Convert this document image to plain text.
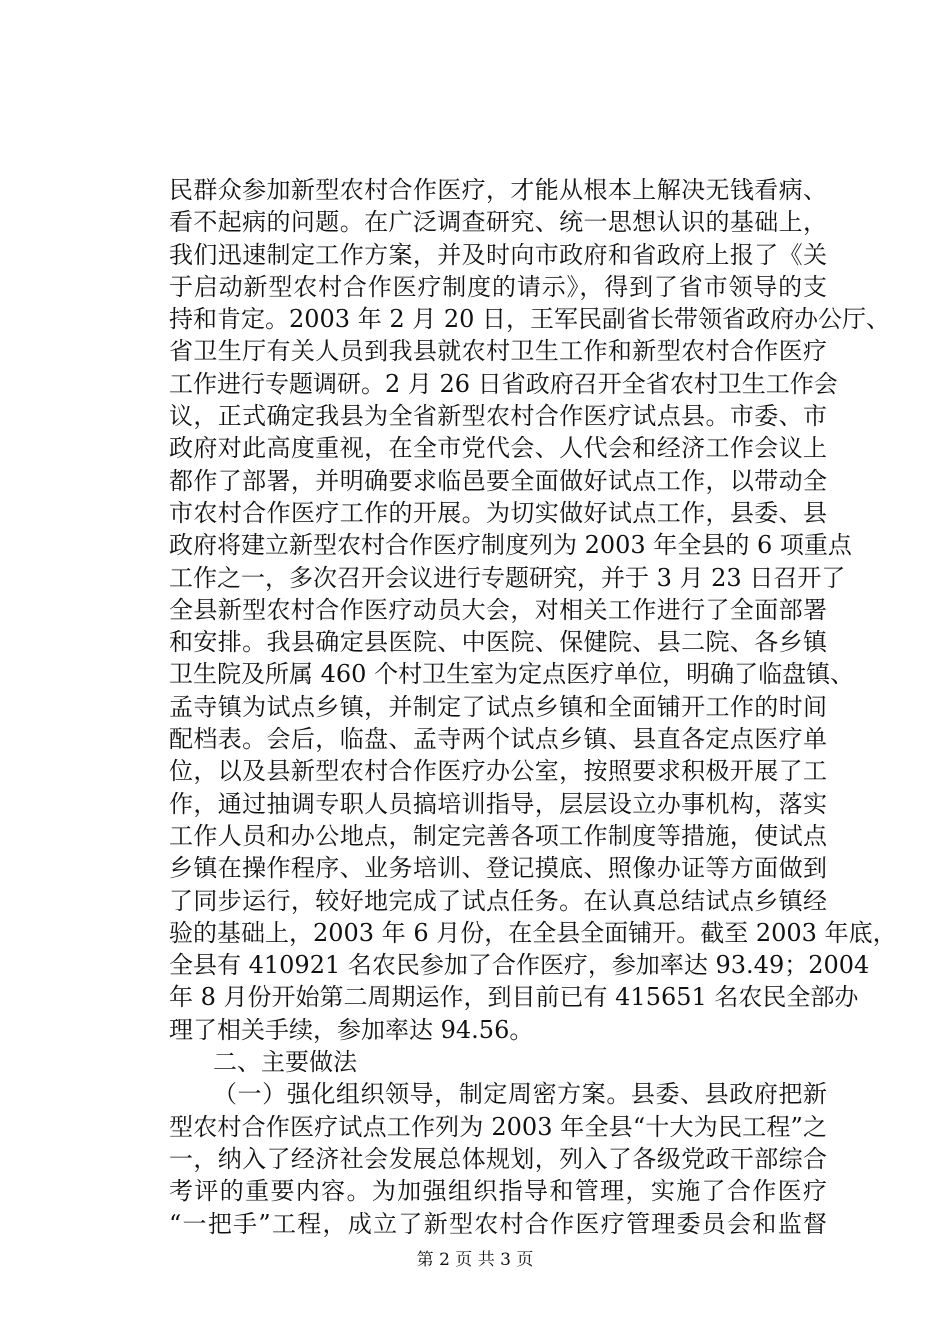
民群众参加新型农村合作医疗，才能从根本上解决无钱看病、
看不起病的问题。在广泛调查研究、统一思想认识的基础上，
我们迅速制定工作方案，并及时向市政府和省政府上报了《关
于启动新型农村合作医疗制度的请示》，得到了省市领导的支
持和肯定。2003 年 2 月 20 日，王军民副省长带领省政府办公厅、
省卫生厅有关人员到我县就农村卫生工作和新型农村合作医疗
工作进行专题调研。2 月 26 日省政府召开全省农村卫生工作会
议，正式确定我县为全省新型农村合作医疗试点县。市委、市
政府对此高度重视，在全市党代会、人代会和经济工作会议上
都作了部署，并明确要求临邑要全面做好试点工作，以带动全
市农村合作医疗工作的开展。为切实做好试点工作，县委、县
政府将建立新型农村合作医疗制度列为 2003 年全县的 6 项重点
工作之一，多次召开会议进行专题研究，并于 3 月 23 日召开了
全县新型农村合作医疗动员大会，对相关工作进行了全面部署
和安排。我县确定县医院、中医院、保健院、县二院、各乡镇
卫生院及所属 460 个村卫生室为定点医疗单位，明确了临盘镇、
孟寺镇为试点乡镇，并制定了试点乡镇和全面铺开工作的时间
配档表。会后，临盘、孟寺两个试点乡镇、县直各定点医疗单
位，以及县新型农村合作医疗办公室，按照要求积极开展了工
作，通过抽调专职人员搞培训指导，层层设立办事机构，落实
工作人员和办公地点，制定完善各项工作制度等措施，使试点
乡镇在操作程序、业务培训、登记摸底、照像办证等方面做到
了同步运行，较好地完成了试点任务。在认真总结试点乡镇经
验的基础上，2003 年 6 月份，在全县全面铺开。截至 2003 年底，
全县有 410921 名农民参加了合作医疗，参加率达 93.49；2004
年 8 月份开始第二周期运作，到目前已有 415651 名农民全部办
理了相关手续，参加率达 94.56。
二、主要做法
（一）强化组织领导，制定周密方案。县委、县政府把新
型农村合作医疗试点工作列为 2003 年全县“十大为民工程”之
一，纳入了经济社会发展总体规划，列入了各级党政干部综合
考评的重要内容。为加强组织指导和管理，实施了合作医疗
“一把手”工程，成立了新型农村合作医疗管理委员会和监督
第 2 页 共 3 页
